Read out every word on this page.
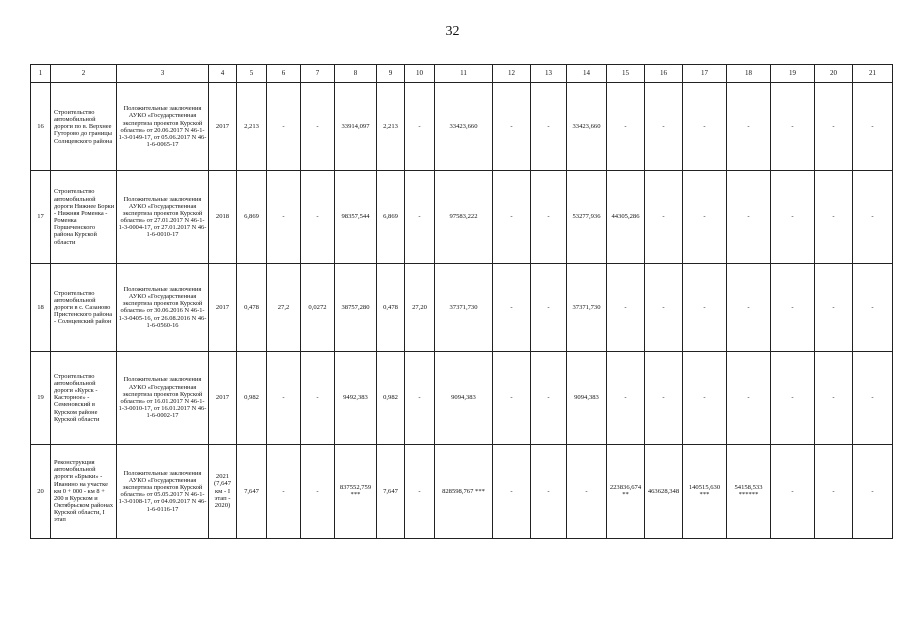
32
1	2	3	4	5	6	7	8	9	10	11	12	13	14	15	16	17	18	19	20	21
16	Строительство автомобильной дороги по в. Верхнее Гуторово до границы Солнцевского района	Положительные заключения АУКО «Государственная экспертиза проектов Курской области» от 20.06.2017 N 46-1-1-3-0149-17, от 05.06.2017 N 46-1-6-0065-17	2017	2,213	-	-	33914,097	2,213	-	33423,660	-	-	33423,660	-	-	-	-	-	-	-
17	Строительство автомобильной дороги Нижнее Борки - Нижняя Роменка - Роменка Горшеченского района Курской области	Положительные заключения АУКО «Государственная экспертиза проектов Курской области» от 27.01.2017 N 46-1-1-3-0004-17, от 27.01.2017 N 46-1-6-0010-17	2018	6,869	-	-	98357,544	6,869	-	97583,222	-	-	53277,936	44305,286	-	-	-	-	-	-
18	Строительство автомобильной дороги в с. Сазаново Пристенского района - Солнцевский район	Положительные заключения АУКО «Государственная экспертиза проектов Курской области» от 30.06.2016 N 46-1-1-3-0405-16, от 26.08.2016 N 46-1-6-0560-16	2017	0,478	27,2	0,0272	38757,280	0,478	27,20	37371,730	-	-	37371,730	-	-	-	-	-	-	-
19	Строительство автомобильной дороги «Курск - Касторное» - Семеновский в Курском районе Курской области	Положительные заключения АУКО «Государственная экспертиза проектов Курской области» от 16.01.2017 N 46-1-1-3-0010-17, от 16.01.2017 N 46-1-6-0002-17	2017	0,982	-	-	9492,383	0,982	-	9094,383	-	-	9094,383	-	-	-	-	-	-	-
20	Реконструкция автомобильной дороги «Брыки» - Иванино на участке км 0 + 000 - км 8 + 200 в Курском и Октябрьском районах Курской области, I этап	Положительные заключения АУКО «Государственная экспертиза проектов Курской области» от 05.05.2017 N 46-1-1-3-0108-17, от 04.09.2017 N 46-1-6-0116-17	2021 (7,647 км - I этап - 2020)	7,647	-	-	837552,759 ***	7,647	-	828598,767 ***	-	-	-	223836,674 **	463628,348	140515,630 ***	54158,533 ******	-	-	-
